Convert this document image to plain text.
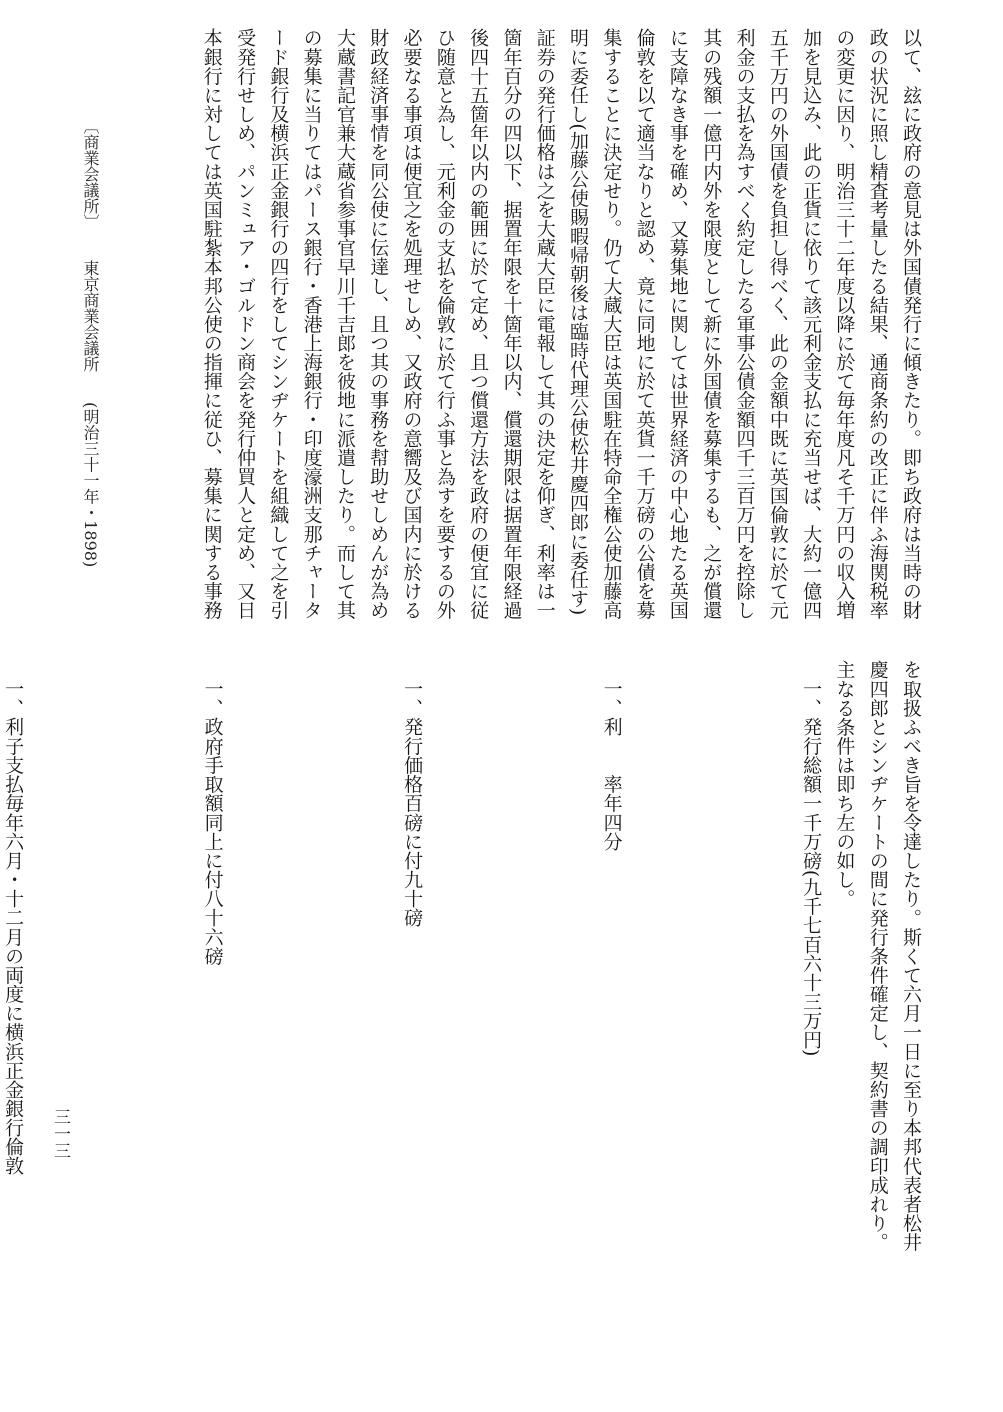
以て、玆に政府の意見は外国債発行に傾きたり。即ち政府は当時の財
政の状況に照し精査考量したる結果、通商条約の改正に伴ふ海関税率
の変更に因り、明治三十二年度以降に於て毎年度凡そ千万円の収入増
加を見込み、此の正貨に依りて該元利金支払に充当せば、大約一億四
五千万円の外国債を負担し得べく、此の金額中既に英国倫敦に於て元
利金の支払を為すべく約定したる軍事公債金額四千三百万円を控除し
其の残額一億円内外を限度として新に外国債を募集するも、之が償還
に支障なき事を確め、又募集地に関しては世界経済の中心地たる英国
倫敦を以て適当なりと認め、竟に同地に於て英貨一千万磅の公債を募
集することに決定せり。仍て大蔵大臣は英国駐在特命全権公使加藤高
明に委任し(加藤公使賜暇帰朝後は臨時代理公使松井慶四郎に委任す)
証券の発行価格は之を大蔵大臣に電報して其の決定を仰ぎ、利率は一
箇年百分の四以下、据置年限を十箇年以内、償還期限は据置年限経過
後四十五箇年以内の範囲に於て定め、且つ償還方法を政府の便宜に従
ひ随意と為し、元利金の支払を倫敦に於て行ふ事と為すを要するの外
必要なる事項は便宜之を処理せしめ、又政府の意嚮及び国内に於ける
財政経済事情を同公使に伝達し、且つ其の事務を幇助せしめんが為め
大蔵書記官兼大蔵省参事官早川千吉郎を彼地に派遣したり。而して其
の募集に当りてはパース銀行・香港上海銀行・印度濠洲支那チャータ
ード銀行及横浜正金銀行の四行をしてシンヂケートを組織して之を引
受発行せしめ、パンミュア・ゴルドン商会を発行仲買人と定め、又日
本銀行に対しては英国駐紮本邦公使の指揮に従ひ、募集に関する事務
を取扱ふべき旨を令達したり。斯くて六月一日に至り本邦代表者松井
慶四郎とシンヂケートの間に発行条件確定し、契約書の調印成れり。
主なる条件は即ち左の如し。
一、発行総額一千万磅(九千七百六十三万円)
一、利　　率年四分
一、発行価格百磅に付九十磅
一、政府手取額同上に付八十六磅
一、利子支払毎年六月・十二月の両度に横浜正金銀行倫敦
〔商業会議所〕東京商業会議所(明治三十一年・1898)
三一三
